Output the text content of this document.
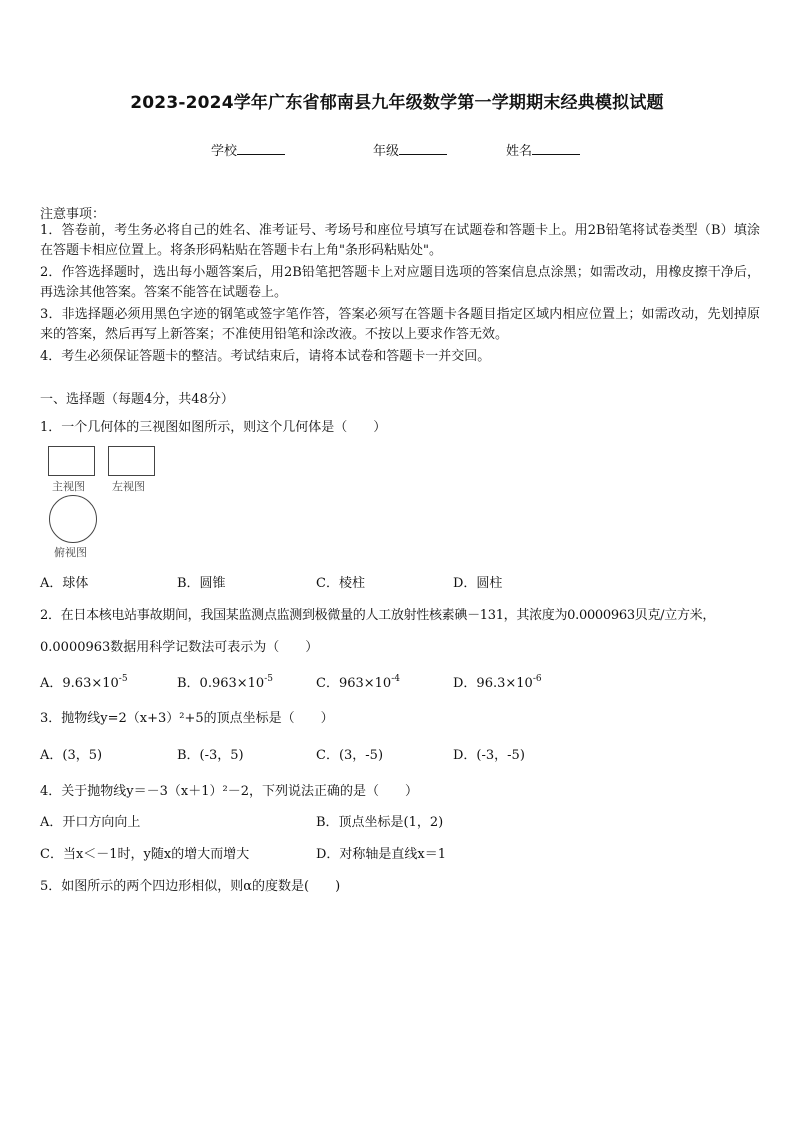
2023-2024学年广东省郁南县九年级数学第一学期期末经典模拟试题
学校	年级	姓名
注意事项：
1．答卷前，考生务必将自己的姓名、准考证号、考场号和座位号填写在试题卷和答题卡上。用2B铅笔将试卷类型（B）填涂在答题卡相应位置上。将条形码粘贴在答题卡右上角"条形码粘贴处"。
2．作答选择题时，选出每小题答案后，用2B铅笔把答题卡上对应题目选项的答案信息点涂黑；如需改动，用橡皮擦干净后，再选涂其他答案。答案不能答在试题卷上。
3．非选择题必须用黑色字迹的钢笔或签字笔作答，答案必须写在答题卡各题目指定区域内相应位置上；如需改动，先划掉原来的答案，然后再写上新答案；不准使用铅笔和涂改液。不按以上要求作答无效。
4．考生必须保证答题卡的整洁。考试结束后，请将本试卷和答题卡一并交回。
一、选择题（每题4分，共48分）
1．一个几何体的三视图如图所示，则这个几何体是（　　）
主视图 左视图
俯视图
A．球体	B．圆锥	C．棱柱	D．圆柱
2．在日本核电站事故期间，我国某监测点监测到极微量的人工放射性核素碘－131，其浓度为0.0000963贝克/立方米，
0.0000963数据用科学记数法可表示为（　　）
A．$9.63\times 10^{-5}$	B．$0.963\times 10^{-5}$	C．$963\times 10^{-4}$	D．$96.3\times 10^{-6}$
3．抛物线y=2（x+3）²+5的顶点坐标是（　　）
A．(3，5)	B．(-3，5)	C．(3，-5)	D．(-3，-5)
4．关于抛物线y＝－3（x＋1）²－2，下列说法正确的是（　　）
A．开口方向向上	B．顶点坐标是(1，2)
C．当x＜－1时，y随x的增大而增大	D．对称轴是直线x＝1
5．如图所示的两个四边形相似，则α的度数是(　　)
